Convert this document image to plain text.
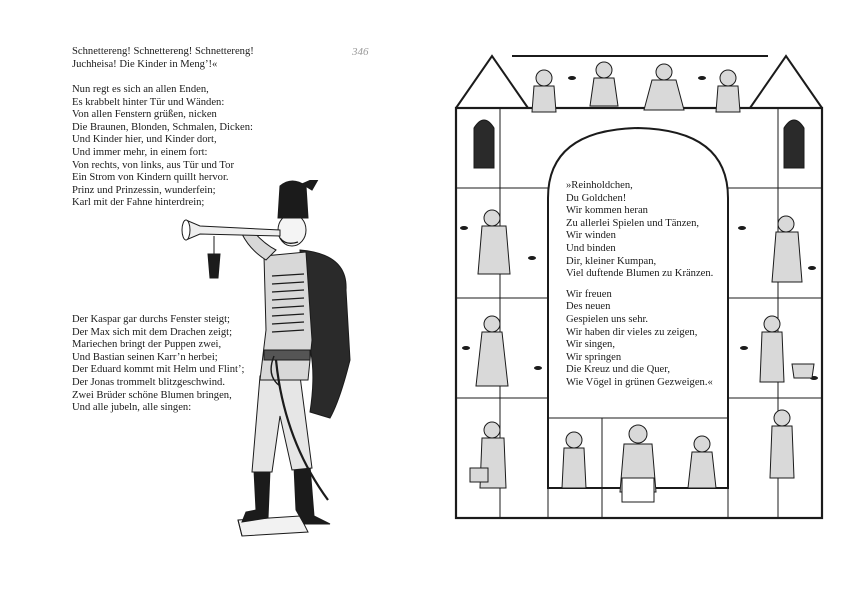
346
Schnettereng! Schnettereng! Schnettereng!
Juchheisa! Die Kinder in Meng’!«
Nun regt es sich an allen Enden,
Es krabbelt hinter Tür und Wänden:
Von allen Fenstern grüßen, nicken
Die Braunen, Blonden, Schmalen, Dicken:
Und Kinder hier, und Kinder dort,
Und immer mehr, in einem fort:
Von rechts, von links, aus Tür und Tor
Ein Strom von Kindern quillt hervor.
Prinz und Prinzessin, wunderfein;
Karl mit der Fahne hinterdrein;
Der Kaspar gar durchs Fenster steigt;
Der Max sich mit dem Drachen zeigt;
Mariechen bringt der Puppen zwei,
Und Bastian seinen Karr’n herbei;
Der Eduard kommt mit Helm und Flint’;
Der Jonas trommelt blitzgeschwind.
Zwei Brüder schöne Blumen bringen,
Und alle jubeln, alle singen:
»Reinholdchen,
Du Goldchen!
Wir kommen heran
Zu allerlei Spielen und Tänzen,
Wir winden
Und binden
Dir, kleiner Kumpan,
Viel duftende Blumen zu Kränzen.
Wir freuen
Des neuen
Gespielen uns sehr.
Wir haben dir vieles zu zeigen,
Wir singen,
Wir springen
Die Kreuz und die Quer,
Wie Vögel in grünen Gezweigen.«
